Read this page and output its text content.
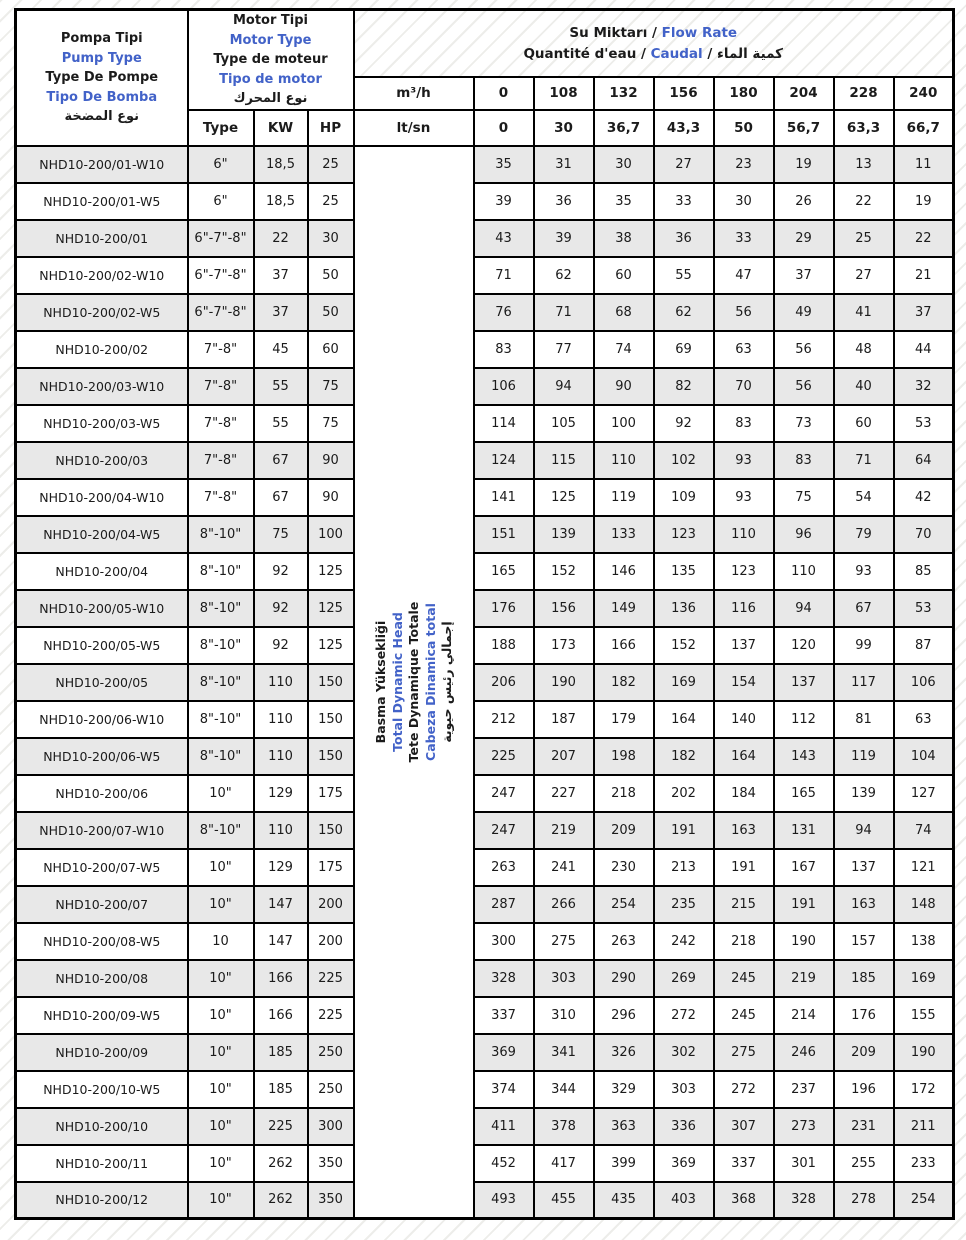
Pompa Tipi
Pump Type
Type De Pompe
Tipo De Bomba
نوع المضخة

Motor Tipi
Motor Type
Type de moteur
Tipo de motor
نوع المحرك

Su Miktarı / Flow Rate
Quantité d'eau / Caudal / كمية الماء

				m³/h	0	108	132	156	180	204	228	240
	Type	KW	HP	lt/sn	0	30	36,7	43,3	50	56,7	63,3	66,7
NHD10-200/01-W10	6"	18,5	25	Basma Yüksekliği Total Dynamic Head Tete Dynamique Totale Cabeza Dinamica total إجمالي رئيس حيوية	35	31	30	27	23	19	13	11
NHD10-200/01-W5	6"	18,5	25		39	36	35	33	30	26	22	19
NHD10-200/01	6"-7"-8"	22	30		43	39	38	36	33	29	25	22
NHD10-200/02-W10	6"-7"-8"	37	50		71	62	60	55	47	37	27	21
NHD10-200/02-W5	6"-7"-8"	37	50		76	71	68	62	56	49	41	37
NHD10-200/02	7"-8"	45	60		83	77	74	69	63	56	48	44
NHD10-200/03-W10	7"-8"	55	75		106	94	90	82	70	56	40	32
NHD10-200/03-W5	7"-8"	55	75		114	105	100	92	83	73	60	53
NHD10-200/03	7"-8"	67	90		124	115	110	102	93	83	71	64
NHD10-200/04-W10	7"-8"	67	90		141	125	119	109	93	75	54	42
NHD10-200/04-W5	8"-10"	75	100		151	139	133	123	110	96	79	70
NHD10-200/04	8"-10"	92	125		165	152	146	135	123	110	93	85
NHD10-200/05-W10	8"-10"	92	125		176	156	149	136	116	94	67	53
NHD10-200/05-W5	8"-10"	92	125		188	173	166	152	137	120	99	87
NHD10-200/05	8"-10"	110	150		206	190	182	169	154	137	117	106
NHD10-200/06-W10	8"-10"	110	150		212	187	179	164	140	112	81	63
NHD10-200/06-W5	8"-10"	110	150		225	207	198	182	164	143	119	104
NHD10-200/06	10"	129	175		247	227	218	202	184	165	139	127
NHD10-200/07-W10	8"-10"	110	150		247	219	209	191	163	131	94	74
NHD10-200/07-W5	10"	129	175		263	241	230	213	191	167	137	121
NHD10-200/07	10"	147	200		287	266	254	235	215	191	163	148
NHD10-200/08-W5	10	147	200		300	275	263	242	218	190	157	138
NHD10-200/08	10"	166	225		328	303	290	269	245	219	185	169
NHD10-200/09-W5	10"	166	225		337	310	296	272	245	214	176	155
NHD10-200/09	10"	185	250		369	341	326	302	275	246	209	190
NHD10-200/10-W5	10"	185	250		374	344	329	303	272	237	196	172
NHD10-200/10	10"	225	300		411	378	363	336	307	273	231	211
NHD10-200/11	10"	262	350		452	417	399	369	337	301	255	233
NHD10-200/12	10"	262	350		493	455	435	403	368	328	278	254
